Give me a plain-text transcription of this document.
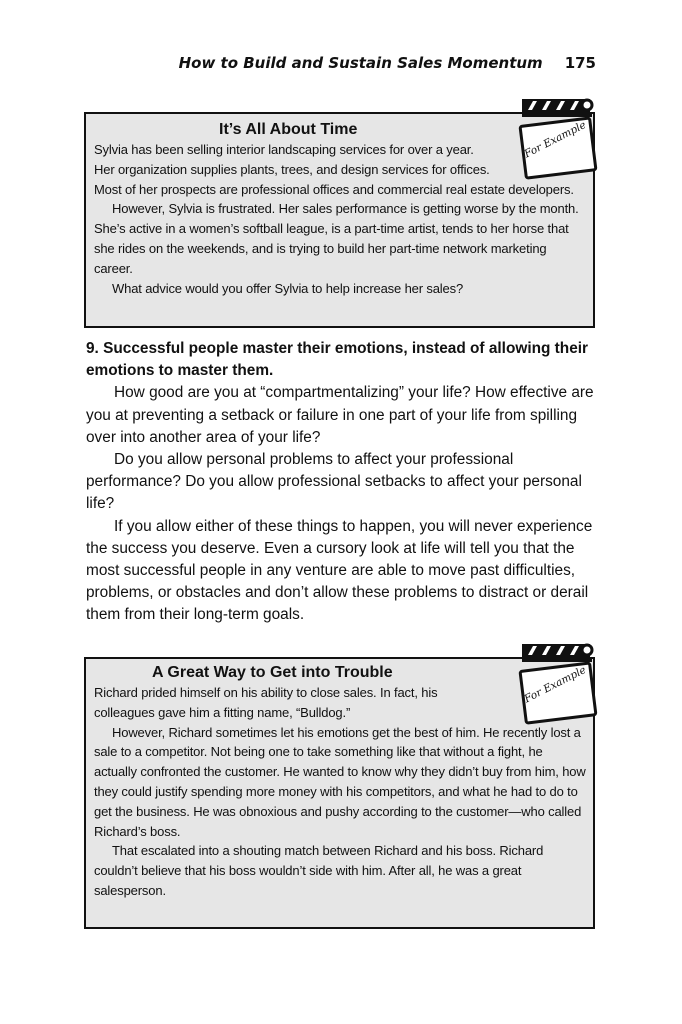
How to Build and Sustain Sales Momentum 175
It’s All About Time

Sylvia has been selling interior landscaping services for over a year. Her organization supplies plants, trees, and design services for offices. Most of her prospects are professional offices and commercial real estate developers.

However, Sylvia is frustrated. Her sales performance is getting worse by the month. She’s active in a women’s softball league, is a part-time artist, tends to her horse that she rides on the weekends, and is trying to build her part-time network marketing career.

What advice would you offer Sylvia to help increase her sales?

For Example

9. Successful people master their emotions, instead of allowing their emotions to master them.

How good are you at “compartmentalizing” your life? How effective are you at preventing a setback or failure in one part of your life from spilling over into another area of your life?

Do you allow personal problems to affect your professional performance? Do you allow professional setbacks to affect your personal life?

If you allow either of these things to happen, you will never experience the success you deserve. Even a cursory look at life will tell you that the most successful people in any venture are able to move past difficulties, problems, or obstacles and don’t allow these problems to distract or derail them from their long-term goals.

A Great Way to Get into Trouble

Richard prided himself on his ability to close sales. In fact, his colleagues gave him a fitting name, “Bulldog.”

However, Richard sometimes let his emotions get the best of him. He recently lost a sale to a competitor. Not being one to take something like that without a fight, he actually confronted the customer. He wanted to know why they didn’t buy from him, how they could justify spending more money with his competitors, and what he had to do to get the business. He was obnoxious and pushy according to the customer—who called Richard’s boss.

That escalated into a shouting match between Richard and his boss. Richard couldn’t believe that his boss wouldn’t side with him. After all, he was a great salesperson.

For Example
